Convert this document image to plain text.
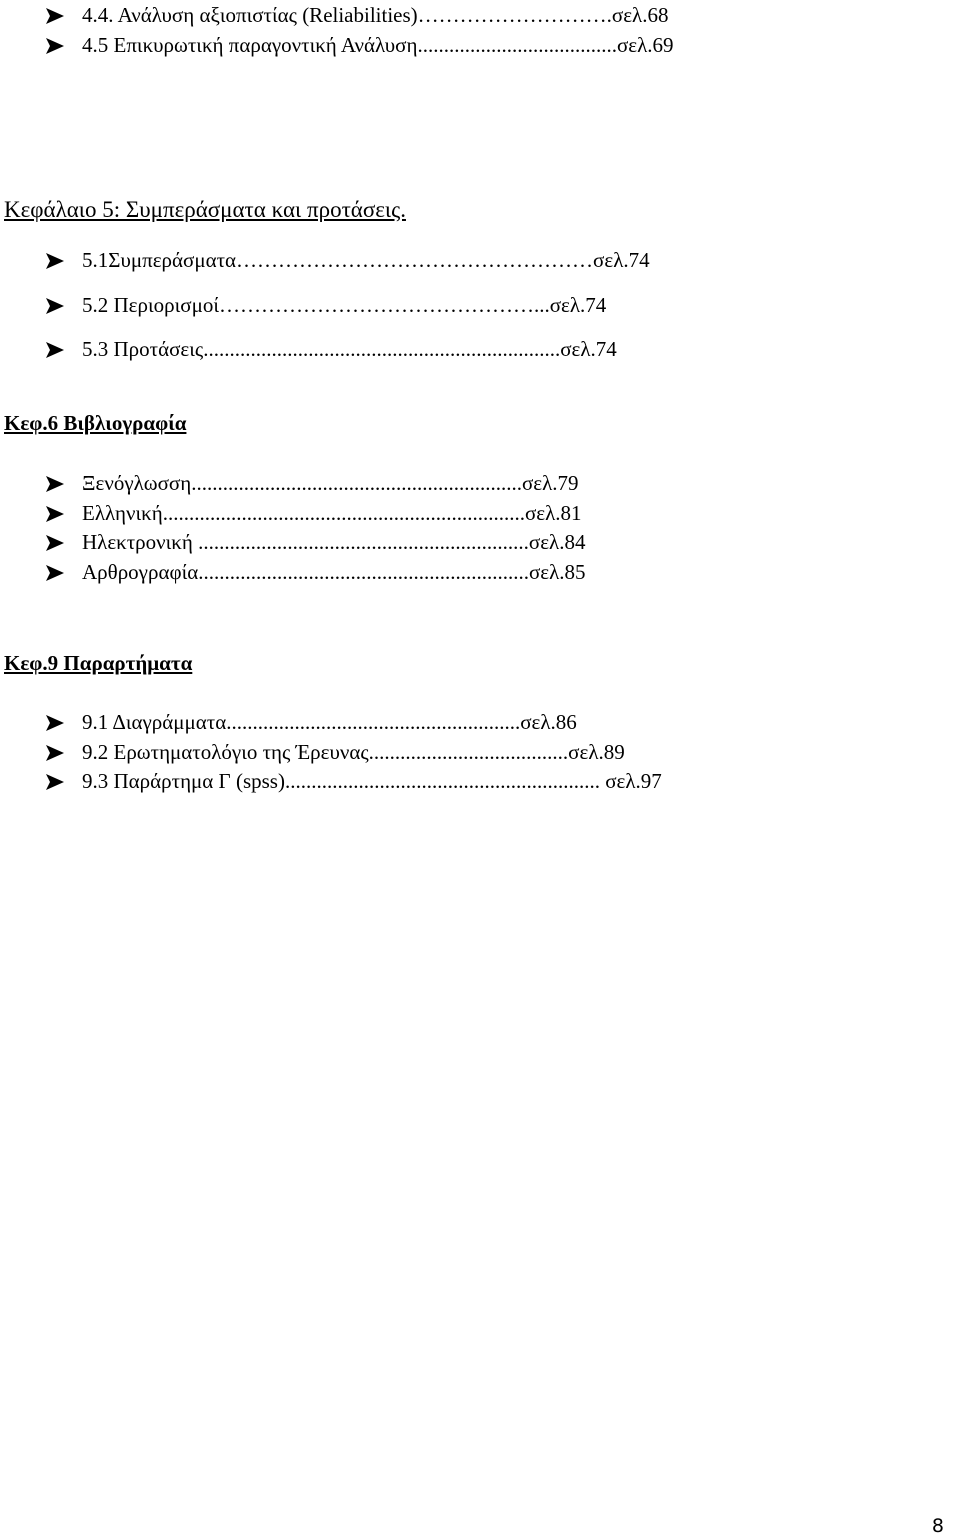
4.4. Ανάλυση αξιοπιστίας (Reliabilities)……………………….σελ.68
4.5 Επικυρωτική παραγοντική Ανάλυση......................................σελ.69
Κεφάλαιο 5: Συμπεράσματα και προτάσεις.
5.1Συμπεράσματα……………………………………………σελ.74
5.2 Περιορισμοί………………………………………...σελ.74
5.3 Προτάσεις....................................................................σελ.74
Κεφ.6 Βιβλιογραφία
Ξενόγλωσση...............................................................σελ.79
Ελληνική.....................................................................σελ.81
Ηλεκτρονική ...............................................................σελ.84
Αρθρογραφία...............................................................σελ.85
Κεφ.9 Παραρτήματα
9.1 Διαγράμματα........................................................σελ.86
9.2 Ερωτηματολόγιο της Έρευνας......................................σελ.89
9.3 Παράρτημα Γ (spss)............................................................ σελ.97
8
